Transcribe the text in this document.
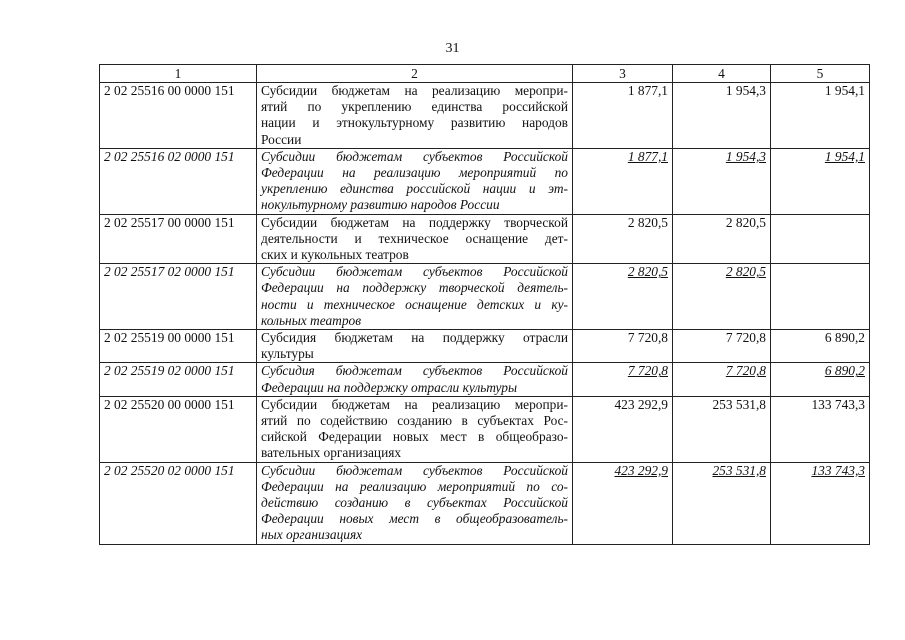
31
1	2	3	4	5
2 02 25516 00 0000 151	Субсидии бюджетам на реализацию меропри-
ятий по укреплению единства российской
нации и этнокультурному развитию народов
России	1 877,1	1 954,3	1 954,1
2 02 25516 02 0000 151	Субсидии бюджетам субъектов Российской
Федерации на реализацию мероприятий по
укреплению единства российской нации и эт-
нокультурному развитию народов России	1 877,1	1 954,3	1 954,1
2 02 25517 00 0000 151	Субсидии бюджетам на поддержку творческой
деятельности и техническое оснащение дет-
ских и кукольных театров	2 820,5	2 820,5	
2 02 25517 02 0000 151	Субсидии бюджетам субъектов Российской
Федерации на поддержку творческой деятель-
ности и техническое оснащение детских и ку-
кольных театров	2 820,5	2 820,5	
2 02 25519 00 0000 151	Субсидия бюджетам на поддержку отрасли
культуры	7 720,8	7 720,8	6 890,2
2 02 25519 02 0000 151	Субсидия бюджетам субъектов Российской
Федерации на поддержку отрасли культуры	7 720,8	7 720,8	6 890,2
2 02 25520 00 0000 151	Субсидии бюджетам на реализацию меропри-
ятий по содействию созданию в субъектах Рос-
сийской Федерации новых мест в общеобразо-
вательных организациях	423 292,9	253 531,8	133 743,3
2 02 25520 02 0000 151	Субсидии бюджетам субъектов Российской
Федерации на реализацию мероприятий по со-
действию созданию в субъектах Российской
Федерации новых мест в общеобразователь-
ных организациях	423 292,9	253 531,8	133 743,3
